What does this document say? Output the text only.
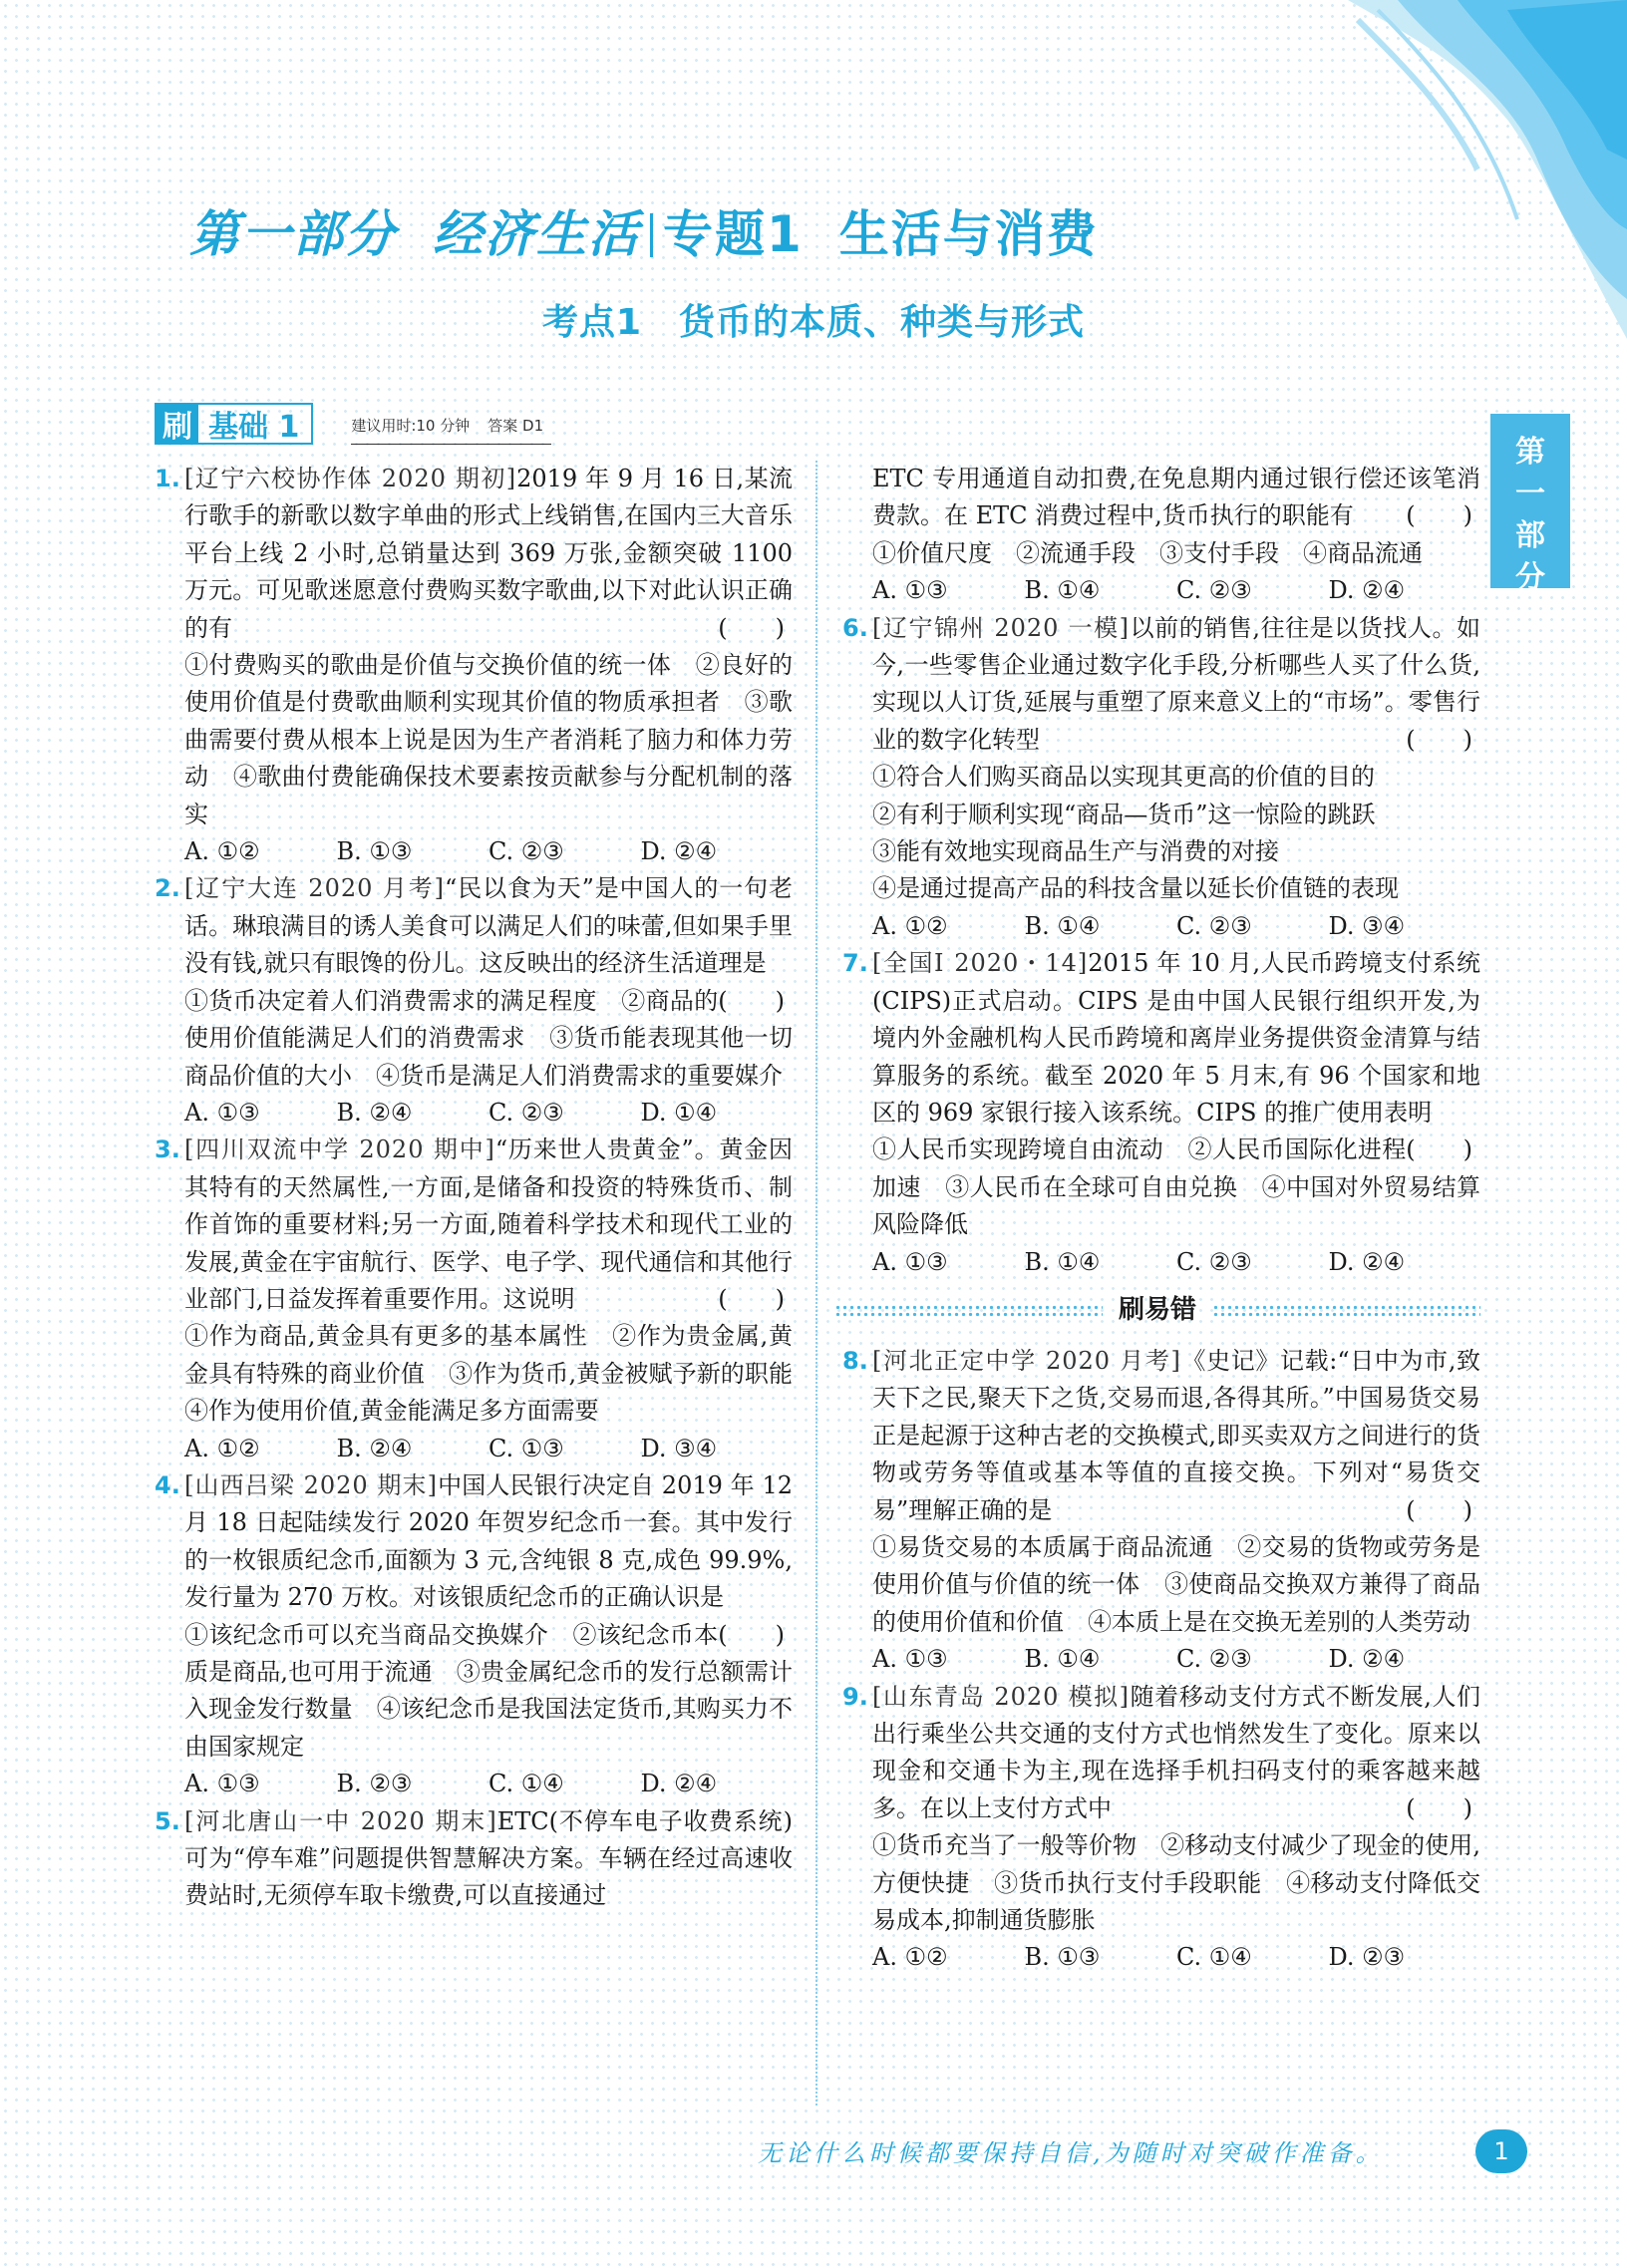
第一部分 经济生活 专题1 生活与消费
考点1　货币的本质、种类与形式
第
一
部
分
刷 基础 1	建议用时:10 分钟 答案 D1
1. [辽宁六校协作体 2020 期初]2019 年 9 月 16 日,某流行歌手的新歌以数字单曲的形式上线销售,在国内三大音乐平台上线 2 小时,总销量达到 369 万张,金额突破 1100 万元。可见歌迷愿意付费购买数字歌曲,以下对此认识正确的有	(　　)
①付费购买的歌曲是价值与交换价值的统一体　②良好的使用价值是付费歌曲顺利实现其价值的物质承担者　③歌曲需要付费从根本上说是因为生产者消耗了脑力和体力劳动　④歌曲付费能确保技术要素按贡献参与分配机制的落实
A. ①②	B. ①③	C. ②③	D. ②④
2. [辽宁大连 2020 月考]“民以食为天”是中国人的一句老话。琳琅满目的诱人美食可以满足人们的味蕾,但如果手里没有钱,就只有眼馋的份儿。这反映出的经济生活道理是
(　　)
①货币决定着人们消费需求的满足程度　②商品的使用价值能满足人们的消费需求　③货币能表现其他一切商品价值的大小　④货币是满足人们消费需求的重要媒介
A. ①③	B. ②④	C. ②③	D. ①④
3. [四川双流中学 2020 期中]“历来世人贵黄金”。黄金因其特有的天然属性,一方面,是储备和投资的特殊货币、制作首饰的重要材料;另一方面,随着科学技术和现代工业的发展,黄金在宇宙航行、医学、电子学、现代通信和其他行业部门,日益发挥着重要作用。这说明	(　　)
①作为商品,黄金具有更多的基本属性　②作为贵金属,黄金具有特殊的商业价值　③作为货币,黄金被赋予新的职能　④作为使用价值,黄金能满足多方面需要
A. ①②	B. ②④	C. ①③	D. ③④
4. [山西吕梁 2020 期末]中国人民银行决定自 2019 年 12 月 18 日起陆续发行 2020 年贺岁纪念币一套。其中发行的一枚银质纪念币,面额为 3 元,含纯银 8 克,成色 99.9%,发行量为 270 万枚。对该银质纪念币的正确认识是
(　　)
①该纪念币可以充当商品交换媒介　②该纪念币本质是商品,也可用于流通　③贵金属纪念币的发行总额需计入现金发行数量　④该纪念币是我国法定货币,其购买力不由国家规定
A. ①③	B. ②③	C. ①④	D. ②④
5. [河北唐山一中 2020 期末]ETC(不停车电子收费系统)可为“停车难”问题提供智慧解决方案。车辆在经过高速收费站时,无须停车取卡缴费,可以直接通过
ETC 专用通道自动扣费,在免息期内通过银行偿还该笔消费款。在 ETC 消费过程中,货币执行的职能有 (　　)
①价值尺度　②流通手段　③支付手段　④商品流通
A. ①③	B. ①④	C. ②③	D. ②④
6. [辽宁锦州 2020 一模]以前的销售,往往是以货找人。如今,一些零售企业通过数字化手段,分析哪些人买了什么货,实现以人订货,延展与重塑了原来意义上的“市场”。零售行业的数字化转型	(　　)
①符合人们购买商品以实现其更高的价值的目的
②有利于顺利实现“商品—货币”这一惊险的跳跃
③能有效地实现商品生产与消费的对接
④是通过提高产品的科技含量以延长价值链的表现
A. ①②	B. ①④	C. ②③	D. ③④
7. [全国Ⅰ 2020・14]2015 年 10 月,人民币跨境支付系统(CIPS)正式启动。CIPS 是由中国人民银行组织开发,为境内外金融机构人民币跨境和离岸业务提供资金清算与结算服务的系统。截至 2020 年 5 月末,有 96 个国家和地区的 969 家银行接入该系统。CIPS 的推广使用表明
(　　)
①人民币实现跨境自由流动　②人民币国际化进程加速　③人民币在全球可自由兑换　④中国对外贸易结算风险降低
A. ①③	B. ①④	C. ②③	D. ②④
刷易错
8. [河北正定中学 2020 月考]《史记》记载:“日中为市,致天下之民,聚天下之货,交易而退,各得其所。”中国易货交易正是起源于这种古老的交换模式,即买卖双方之间进行的货物或劳务等值或基本等值的直接交换。下列对“易货交易”理解正确的是	(　　)
①易货交易的本质属于商品流通　②交易的货物或劳务是使用价值与价值的统一体　③使商品交换双方兼得了商品的使用价值和价值　④本质上是在交换无差别的人类劳动
A. ①③	B. ①④	C. ②③	D. ②④
9. [山东青岛 2020 模拟]随着移动支付方式不断发展,人们出行乘坐公共交通的支付方式也悄然发生了变化。原来以现金和交通卡为主,现在选择手机扫码支付的乘客越来越多。在以上支付方式中	(　　)
①货币充当了一般等价物　②移动支付减少了现金的使用,方便快捷　③货币执行支付手段职能　④移动支付降低交易成本,抑制通货膨胀
A. ①②	B. ①③	C. ①④	D. ②③
无论什么时候都要保持自信,为随时对突破作准备。	1
